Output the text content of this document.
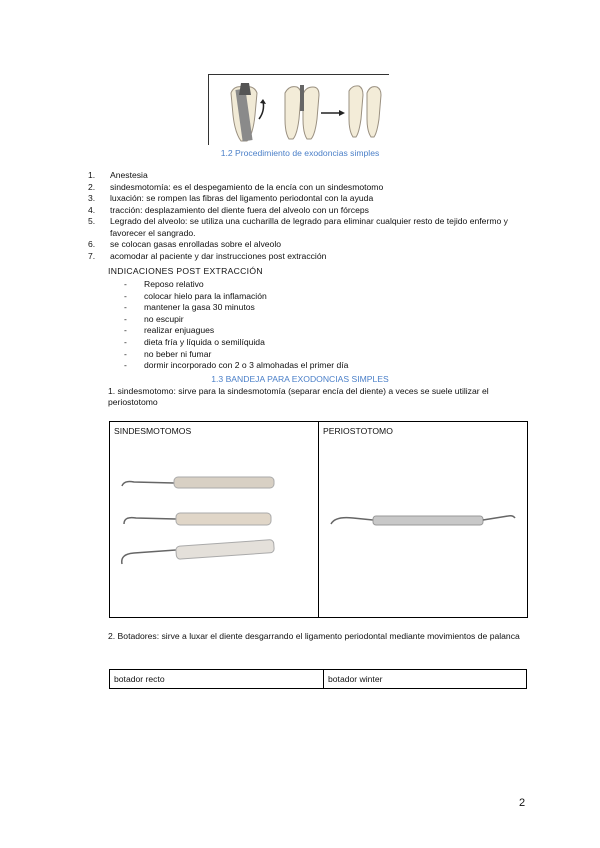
1.2 Procedimiento de exodoncias simples
1.	Anestesia
2.	sindesmotomía: es el despegamiento de la encía con un sindesmotomo
3.	luxación: se rompen las fibras del ligamento periodontal con la ayuda
4.	tracción: desplazamiento del diente fuera del alveolo con un fórceps
5.	Legrado del alveolo: se utiliza una cucharilla de legrado para eliminar cualquier resto de tejido enfermo y favorecer el sangrado.
6.	se colocan gasas enrolladas sobre el alveolo
7.	acomodar al paciente y dar instrucciones post extracción
INDICACIONES POST EXTRACCIÓN
-	Reposo relativo
-	colocar hielo para la inflamación
-	mantener la gasa 30 minutos
-	no escupir
-	realizar enjuagues
-	dieta fría y líquida o semilíquida
-	no beber ni fumar
-	dormir incorporado con 2 o 3 almohadas el primer día
1.3 BANDEJA PARA EXODONCIAS SIMPLES
1. sindesmotomo: sirve para la sindesmotomía (separar encía del diente) a veces se suele utilizar el periostotomo
SINDESMOTOMOS	PERIOSTOTOMO
2. Botadores: sirve a luxar el diente desgarrando el ligamento periodontal mediante movimientos de palanca
botador recto	botador winter
2
